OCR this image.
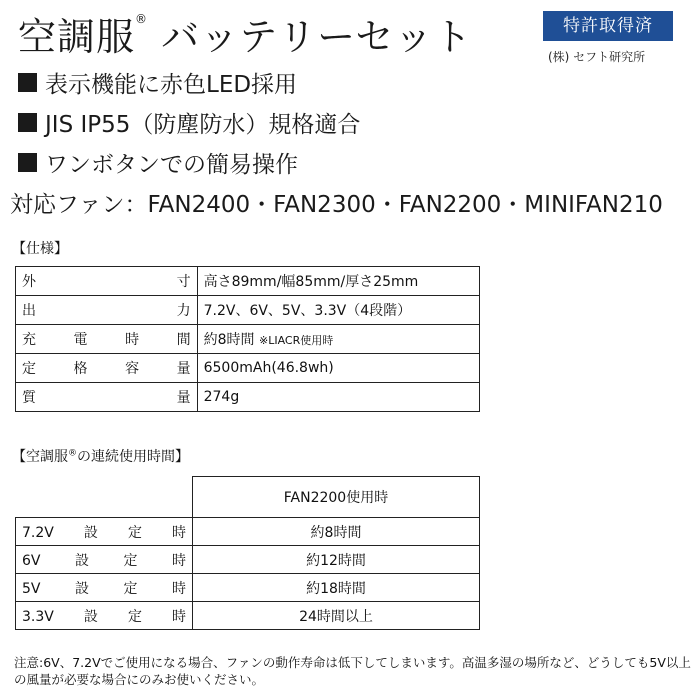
空調服® バッテリーセット	特許取得済
(株) セフト研究所
表示機能に赤色LED採用
JIS IP55（防塵防水）規格適合
ワンボタンでの簡易操作
対応ファン：FAN2400・FAN2300・FAN2200・MINIFAN210
【仕様】
外寸	高さ89mm/幅85mm/厚さ25mm
出力	7.2V、6V、5V、3.3V（4段階）
充電時間	約8時間 ※LIACR使用時
定格容量	6500mAh(46.8wh)
質量	274g
【空調服®の連続使用時間】
	FAN2200使用時
7.2V設定時	約8時間
6V設定時	約12時間
5V設定時	約18時間
3.3V設定時	24時間以上
注意:6V、7.2Vでご使用になる場合、ファンの動作寿命は低下してしまいます。高温多湿の場所など、どうしても5V以上の風量が必要な場合にのみお使いください。
